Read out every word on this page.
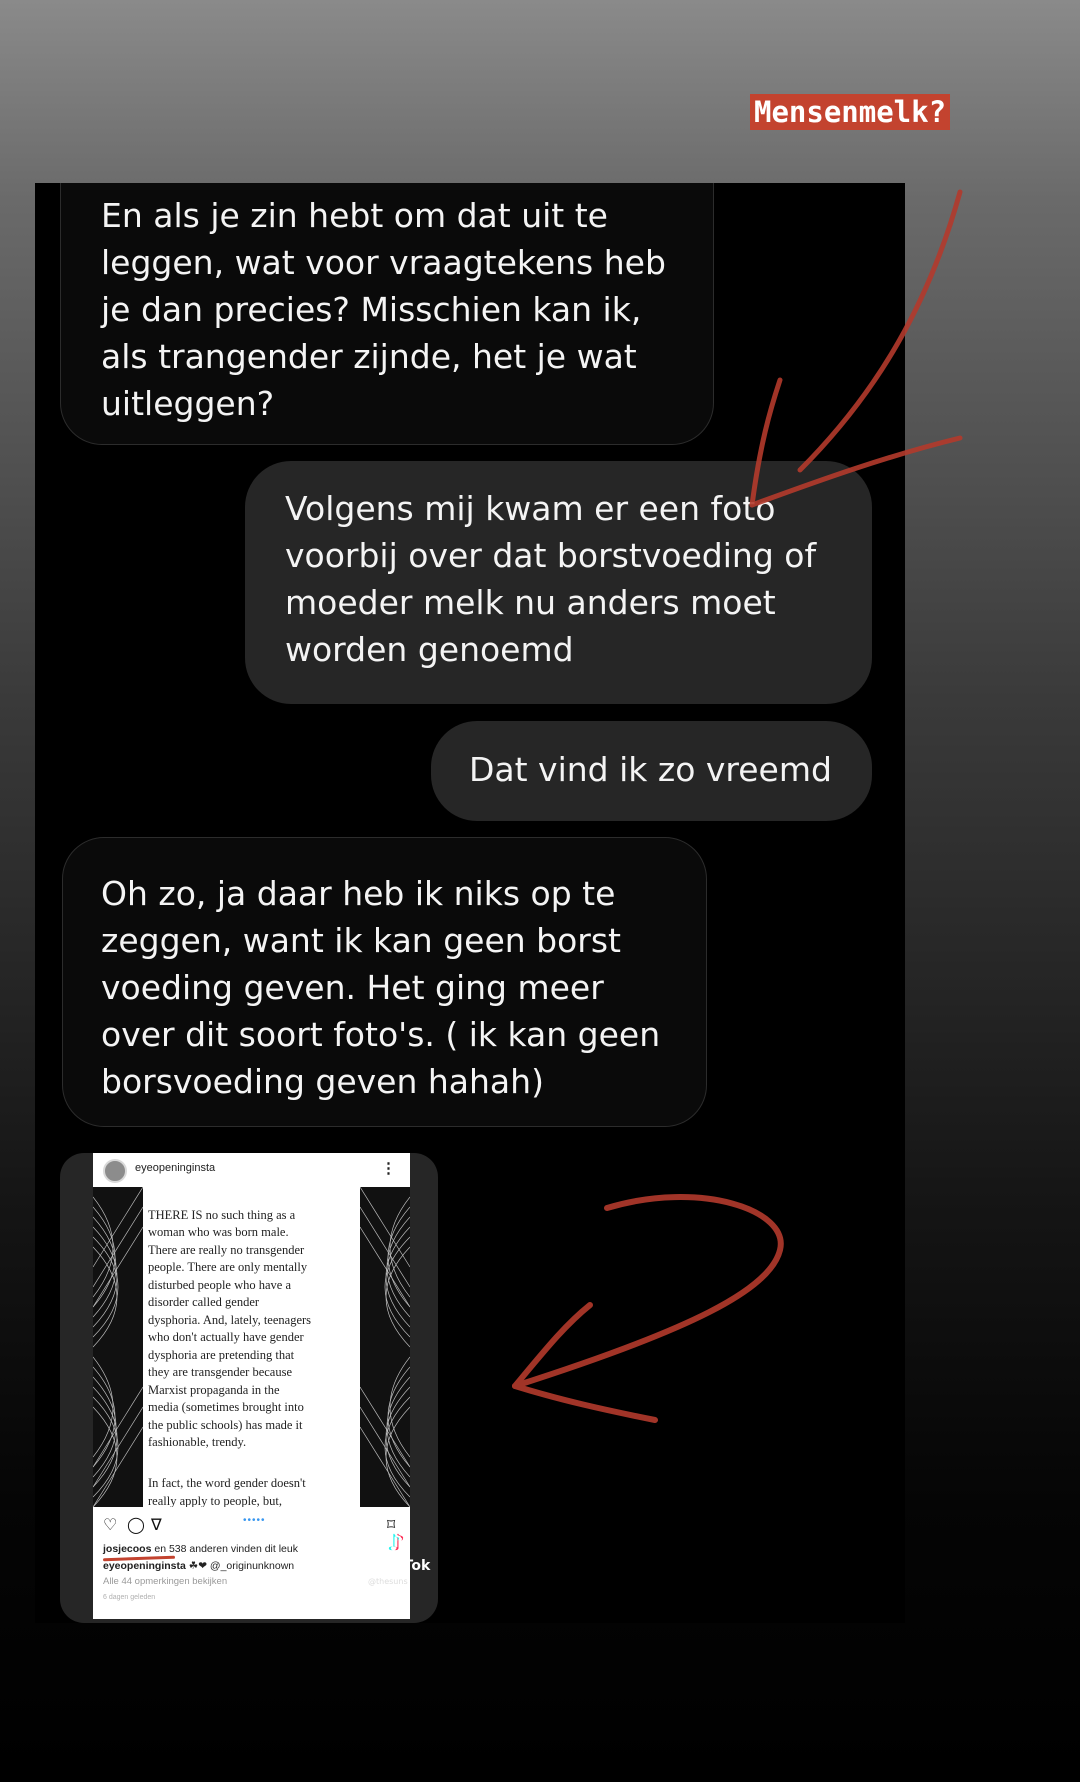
Mensenmelk?
En als je zin hebt om dat uit te
leggen, wat voor vraagtekens heb
je dan precies? Misschien kan ik,
als trangender zijnde, het je wat
uitleggen?
Volgens mij kwam er een foto
voorbij over dat borstvoeding of
moeder melk nu anders moet
worden genoemd
Dat vind ik zo vreemd
Oh zo, ja daar heb ik niks op te
zeggen, want ik kan geen borst
voeding geven. Het ging meer
over dit soort foto's. ( ik kan geen
borsvoeding geven hahah)
eyeopeninginsta	⋮

THERE IS no such thing as a
woman who was born male.
There are really no transgender
people. There are only mentally
disturbed people who have a
disorder called gender
dysphoria. And, lately, teenagers
who don't actually have gender
dysphoria are pretending that
they are transgender because
Marxist propaganda in the
media (sometimes brought into
the public schools) has made it
fashionable, trendy.

In fact, the word gender doesn't
really apply to people, but,

♡ ◯ ∇	•••••	⌑
josjecoos en 538 anderen vinden dit leuk
eyeopeninginsta ☘❤ @_originunknown
Alle 44 opmerkingen bekijken
6 dagen geleden
♪
TikTok
@thesuns
